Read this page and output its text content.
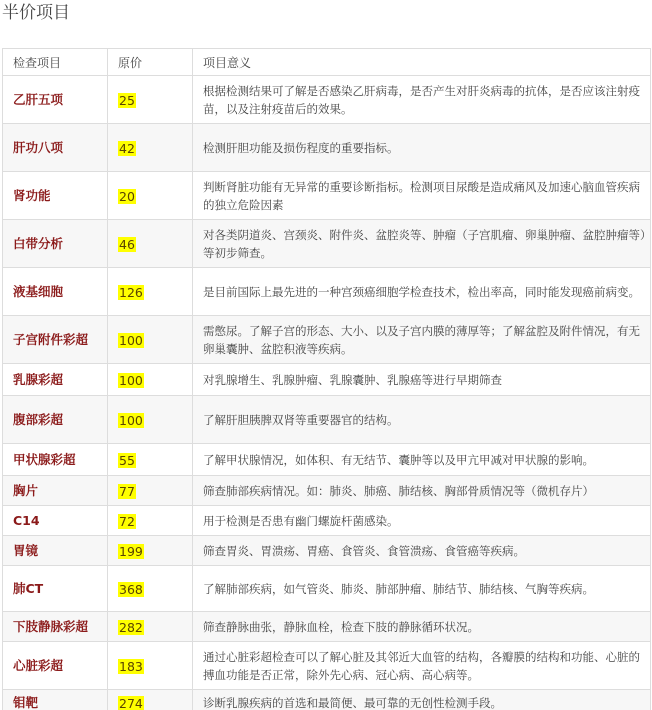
半价项目
检查项目	原价	项目意义
乙肝五项	25	根据检测结果可了解是否感染乙肝病毒，是否产生对肝炎病毒的抗体，是否应该注射疫苗，以及注射疫苗后的效果。
肝功八项	42	检测肝胆功能及损伤程度的重要指标。
肾功能	20	判断肾脏功能有无异常的重要诊断指标。检测项目尿酸是造成痛风及加速心脑血管疾病的独立危险因素
白带分析	46	对各类阴道炎、宫颈炎、附件炎、盆腔炎等、肿瘤（子宫肌瘤、卵巢肿瘤、盆腔肿瘤等）等初步筛查。
液基细胞	126	是目前国际上最先进的一种宫颈癌细胞学检查技术，检出率高，同时能发现癌前病变。
子宫附件彩超	100	需憋尿。了解子宫的形态、大小、以及子宫内膜的薄厚等；了解盆腔及附件情况，有无卵巢囊肿、盆腔积液等疾病。
乳腺彩超	100	对乳腺增生、乳腺肿瘤、乳腺囊肿、乳腺癌等进行早期筛查
腹部彩超	100	了解肝胆胰脾双肾等重要器官的结构。
甲状腺彩超	55	了解甲状腺情况，如体积、有无结节、囊肿等以及甲亢甲减对甲状腺的影响。
胸片	77	筛查肺部疾病情况。如：肺炎、肺癌、肺结核、胸部骨质情况等（微机存片）
C14	72	用于检测是否患有幽门螺旋杆菌感染。
胃镜	199	筛查胃炎、胃溃疡、胃癌、食管炎、食管溃疡、食管癌等疾病。
肺CT	368	了解肺部疾病，如气管炎、肺炎、肺部肿瘤、肺结节、肺结核、气胸等疾病。
下肢静脉彩超	282	筛查静脉曲张，静脉血栓，检查下肢的静脉循环状况。
心脏彩超	183	通过心脏彩超检查可以了解心脏及其邻近大血管的结构，各瓣膜的结构和功能、心脏的搏血功能是否正常，除外先心病、冠心病、高心病等。
钼靶	274	诊断乳腺疾病的首选和最简便、最可靠的无创性检测手段。
